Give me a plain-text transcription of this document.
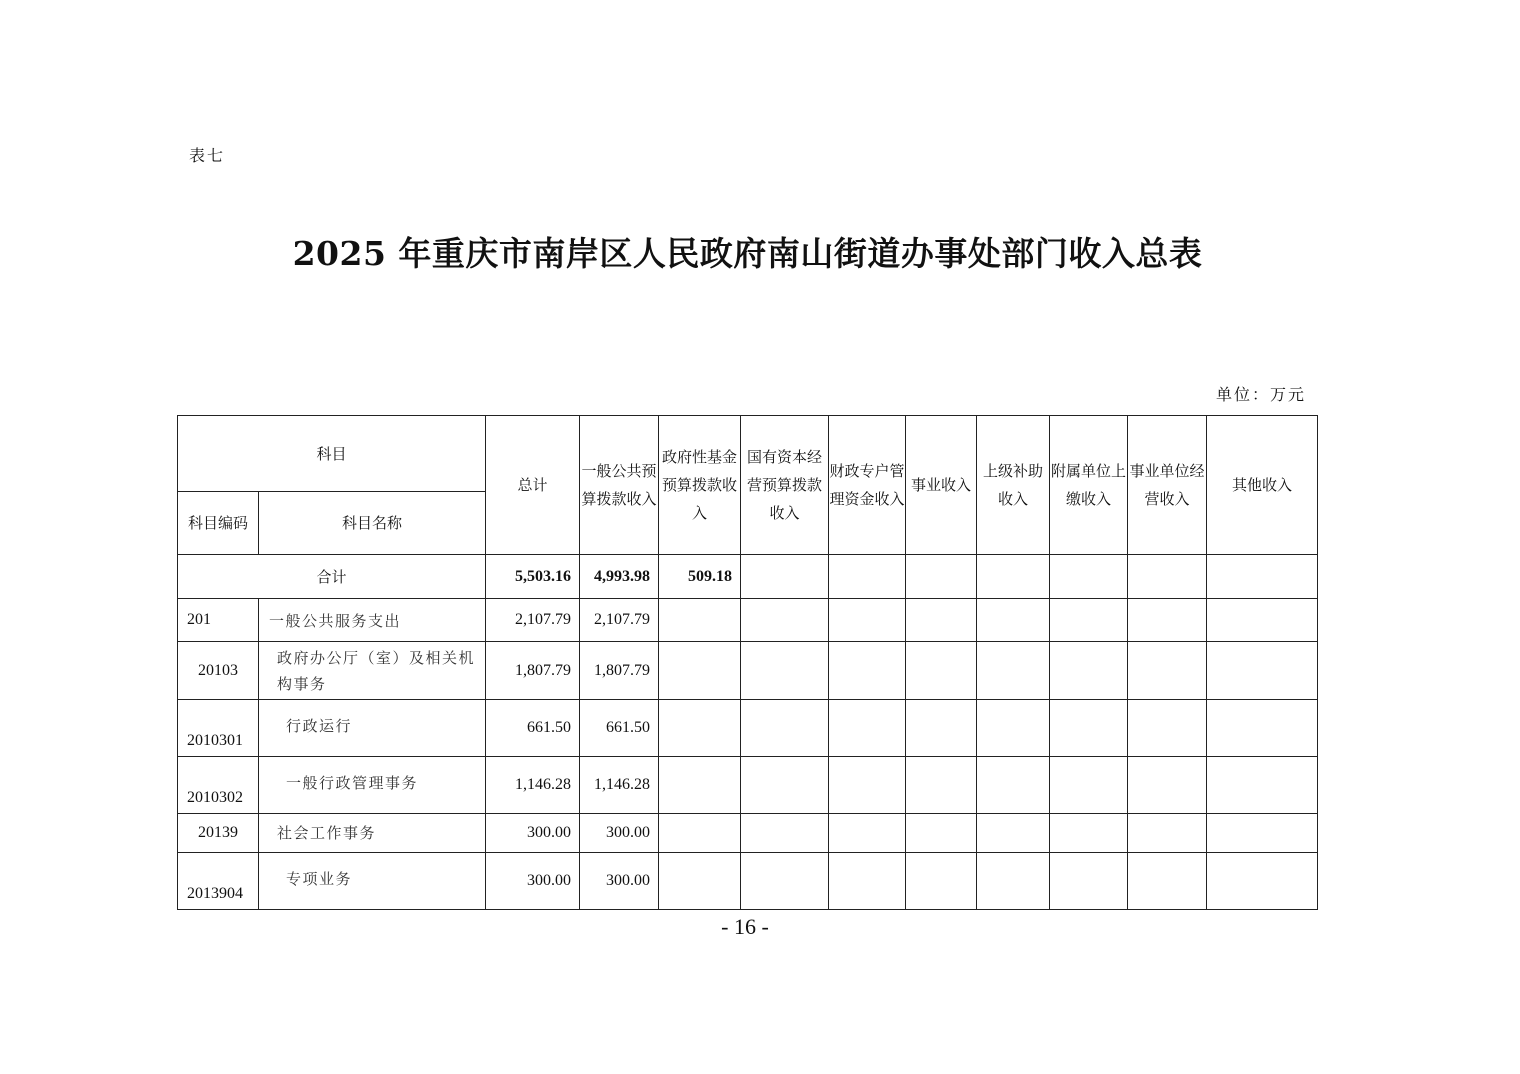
表七
2025 年重庆市南岸区人民政府南山街道办事处部门收入总表
单位：万元
科目		总计	一般公共预算拨款收入	政府性基金预算拨款收入	国有资本经营预算拨款收入	财政专户管理资金收入	事业收入	上级补助收入	附属单位上缴收入	事业单位经营收入	其他收入
科目编码	科目名称										
合计		5,503.16	4,993.98	509.18							
201	一般公共服务支出	2,107.79	2,107.79								
20103	政府办公厅（室）及相关机构事务	1,807.79	1,807.79								
2010301	行政运行	661.50	661.50								
2010302	一般行政管理事务	1,146.28	1,146.28								
20139	社会工作事务	300.00	300.00								
2013904	专项业务	300.00	300.00								
- 16 -
